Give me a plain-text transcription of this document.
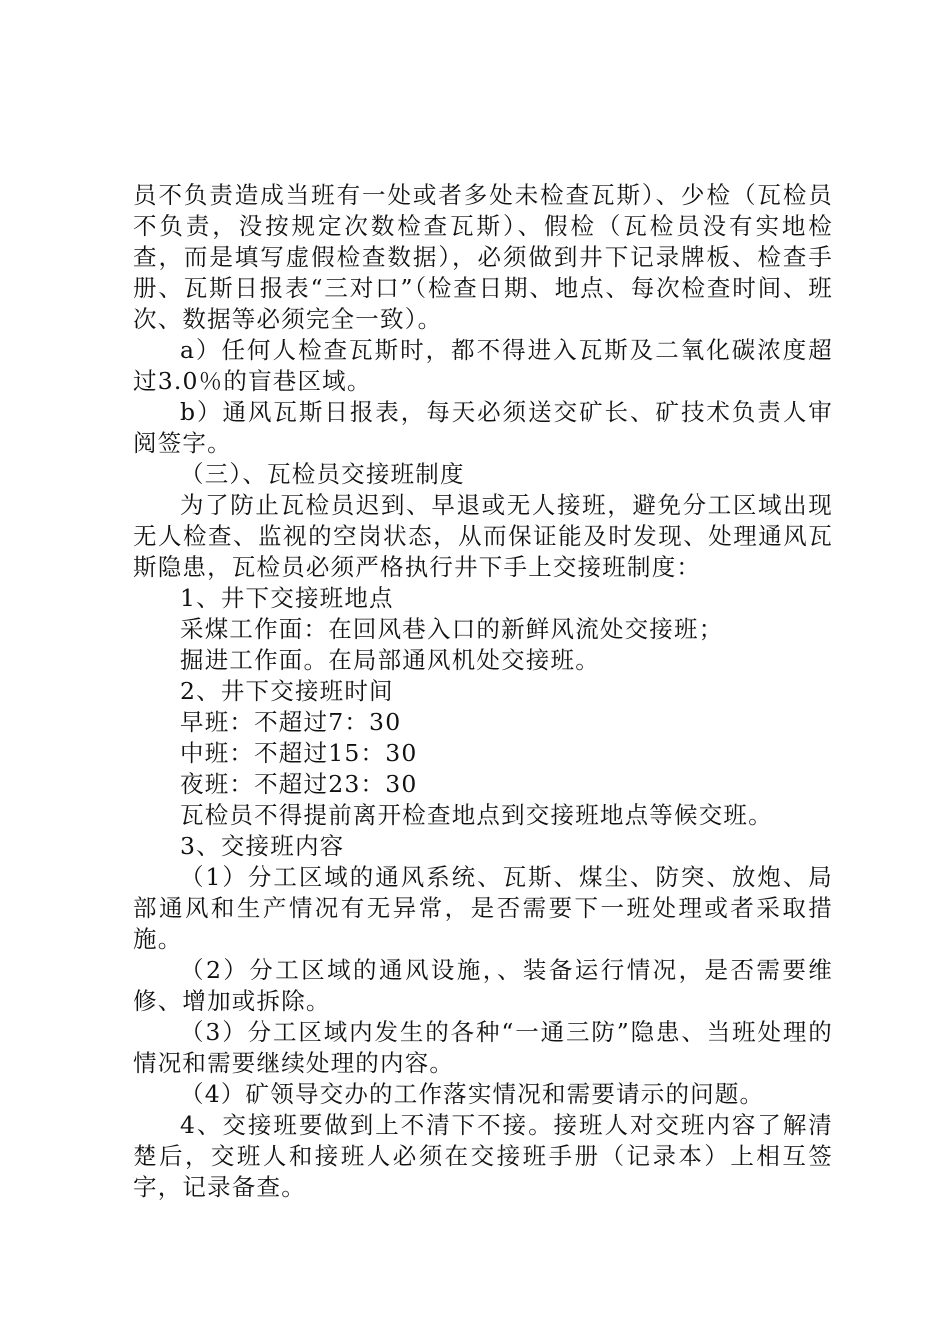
员不负责造成当班有一处或者多处未检查瓦斯）、少检（瓦检员不负责，没按规定次数检查瓦斯）、假检（瓦检员没有实地检查，而是填写虚假检查数据），必须做到井下记录牌板、检查手册、瓦斯日报表“三对口”（检查日期、地点、每次检查时间、班次、数据等必须完全一致）。

a）任何人检查瓦斯时，都不得进入瓦斯及二氧化碳浓度超过3.0％的盲巷区域。

b）通风瓦斯日报表，每天必须送交矿长、矿技术负责人审阅签字。

（三）、瓦检员交接班制度

为了防止瓦检员迟到、早退或无人接班，避免分工区域出现无人检查、监视的空岗状态，从而保证能及时发现、处理通风瓦斯隐患，瓦检员必须严格执行井下手上交接班制度：

1、井下交接班地点

采煤工作面：在回风巷入口的新鲜风流处交接班；

掘进工作面。在局部通风机处交接班。

2、井下交接班时间

早班：不超过7：30

中班：不超过15：30

夜班：不超过23：30

瓦检员不得提前离开检查地点到交接班地点等候交班。

3、交接班内容

（1）分工区域的通风系统、瓦斯、煤尘、防突、放炮、局部通风和生产情况有无异常，是否需要下一班处理或者采取措施。

（2）分工区域的通风设施，、装备运行情况，是否需要维修、增加或拆除。

（3）分工区域内发生的各种“一通三防”隐患、当班处理的情况和需要继续处理的内容。

（4）矿领导交办的工作落实情况和需要请示的问题。

4、交接班要做到上不清下不接。接班人对交班内容了解清楚后，交班人和接班人必须在交接班手册（记录本）上相互签字，记录备查。
